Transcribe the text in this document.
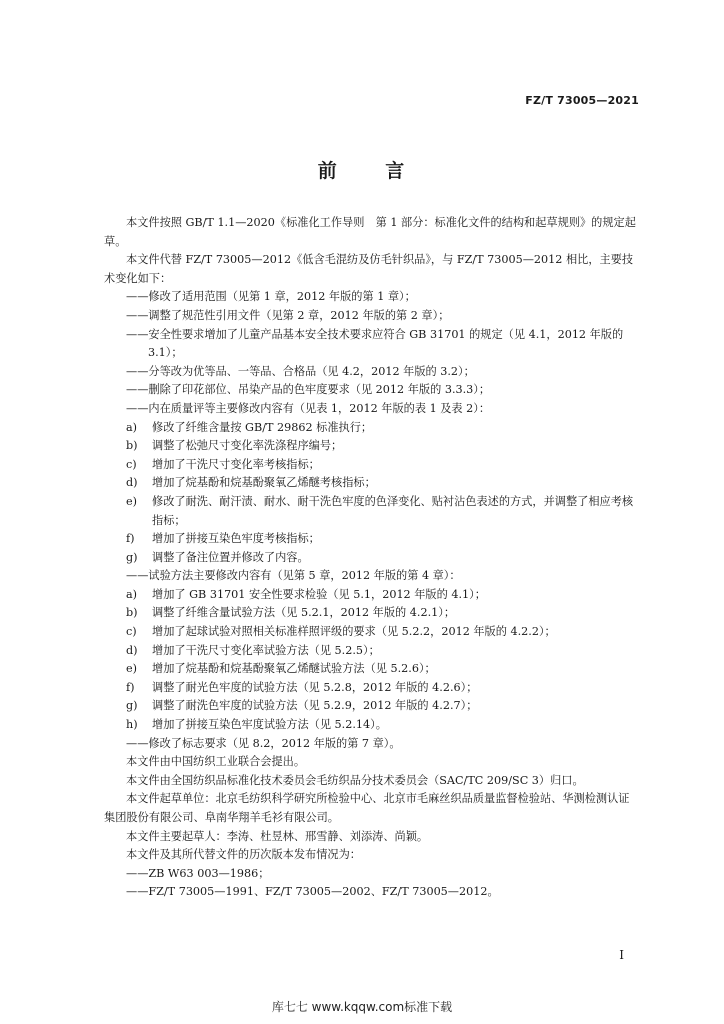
FZ/T 73005—2021
前 言

本文件按照 GB/T 1.1—2020《标准化工作导则　第 1 部分：标准化文件的结构和起草规则》的规定起草。

本文件代替 FZ/T 73005—2012《低含毛混纺及仿毛针织品》，与 FZ/T 73005—2012 相比，主要技术变化如下：

——修改了适用范围（见第 1 章，2012 年版的第 1 章）；

——调整了规范性引用文件（见第 2 章，2012 年版的第 2 章）；

——安全性要求增加了儿童产品基本安全技术要求应符合 GB 31701 的规定（见 4.1，2012 年版的 3.1）；

——分等改为优等品、一等品、合格品（见 4.2，2012 年版的 3.2）；

——删除了印花部位、吊染产品的色牢度要求（见 2012 年版的 3.3.3）；

——内在质量评等主要修改内容有（见表 1，2012 年版的表 1 及表 2）：

a) 修改了纤维含量按 GB/T 29862 标准执行；

b) 调整了松弛尺寸变化率洗涤程序编号；

c) 增加了干洗尺寸变化率考核指标；

d) 增加了烷基酚和烷基酚聚氧乙烯醚考核指标；

e) 修改了耐洗、耐汗渍、耐水、耐干洗色牢度的色泽变化、贴衬沾色表述的方式，并调整了相应考核指标；

f) 增加了拼接互染色牢度考核指标；

g) 调整了备注位置并修改了内容。

——试验方法主要修改内容有（见第 5 章，2012 年版的第 4 章）：

a) 增加了 GB 31701 安全性要求检验（见 5.1，2012 年版的 4.1）；

b) 调整了纤维含量试验方法（见 5.2.1，2012 年版的 4.2.1）；

c) 增加了起球试验对照相关标准样照评级的要求（见 5.2.2，2012 年版的 4.2.2）；

d) 增加了干洗尺寸变化率试验方法（见 5.2.5）；

e) 增加了烷基酚和烷基酚聚氧乙烯醚试验方法（见 5.2.6）；

f) 调整了耐光色牢度的试验方法（见 5.2.8，2012 年版的 4.2.6）；

g) 调整了耐洗色牢度的试验方法（见 5.2.9，2012 年版的 4.2.7）；

h) 增加了拼接互染色牢度试验方法（见 5.2.14）。

——修改了标志要求（见 8.2，2012 年版的第 7 章）。

本文件由中国纺织工业联合会提出。

本文件由全国纺织品标准化技术委员会毛纺织品分技术委员会（SAC/TC 209/SC 3）归口。

本文件起草单位：北京毛纺织科学研究所检验中心、北京市毛麻丝织品质量监督检验站、华测检测认证集团股份有限公司、阜南华翔羊毛衫有限公司。

本文件主要起草人：李涛、杜昱林、邢雪静、刘添涛、尚颖。

本文件及其所代替文件的历次版本发布情况为：

——ZB W63 003—1986；

——FZ/T 73005—1991、FZ/T 73005—2002、FZ/T 73005—2012。

I
库七七 www.kqqw.com标准下载
